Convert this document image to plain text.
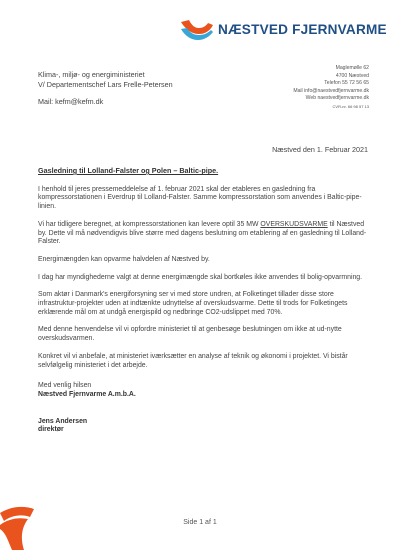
NÆSTVED FJERNVARME
Klima-, miljø- og energiministeriet
V/ Departementschef Lars Frelle-Petersen
Mail: kefm@kefm.dk
Maglemølle 62
4700 Næstved
Telefon 55 72 56 65
Mail info@naestvedfjernvarme.dk
Web naestvedfjernvarme.dk
CVR-nr. 66 98 57 13
Næstved den 1. Februar 2021
Gasledning til Lolland-Falster og Polen – Baltic-pipe.

I henhold til jeres pressemeddelelse af 1. februar 2021 skal der etableres en gasledning fra kompressorstationen i Everdrup til Lolland-Falster. Samme kompressorstation som anvendes i Baltic-pipe-linien.

Vi har tidligere beregnet, at kompressorstationen kan levere optil 35 MW OVERSKUDSVARME til Næstved by. Dette vil må nødvendigvis blive større med dagens beslutning om etablering af en gasledning til Lolland-Falster.

Energimængden kan opvarme halvdelen af Næstved by.

I dag har myndighederne valgt at denne energimængde skal bortkøles ikke anvendes til bolig-opvarmning.

Som aktør i Danmark's energiforsyning ser vi med store undren, at Folketinget tillader disse store infrastruktur-projekter uden at indtænkte udnyttelse af overskudsvarme. Dette til trods for Folketingets erklærende mål om at undgå energispild og nedbringe CO2-udslippet med 70%.

Med denne henvendelse vil vi opfordre ministeriet til at genbesøge beslutningen om ikke at ud-nytte overskudsvarmen.

Konkret vil vi anbefale, at ministeriet iværksætter en analyse af teknik og økonomi i projektet. Vi bistår selvfølgelig ministeriet i det arbejde.

Med venlig hilsen
Næstved Fjernvarme A.m.b.A.
Jens Andersen
direktør
Side 1 af 1
